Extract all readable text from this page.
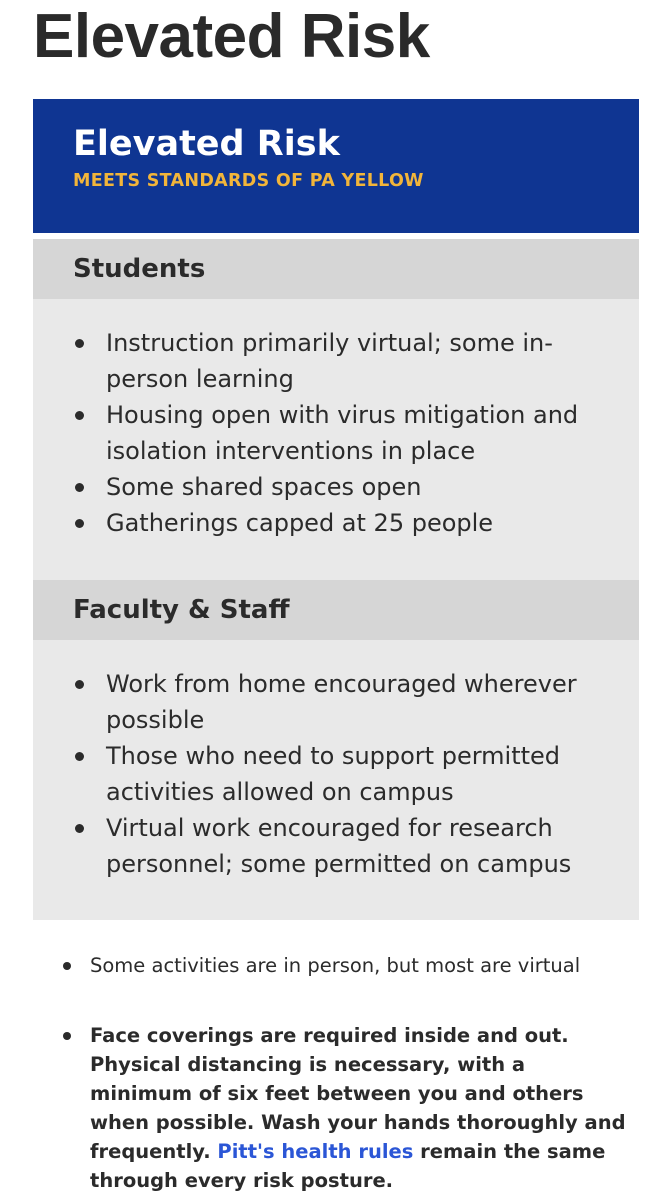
Elevated Risk
Elevated Risk
MEETS STANDARDS OF PA YELLOW
Students
Instruction primarily virtual; some in-person learning
Housing open with virus mitigation and isolation interventions in place
Some shared spaces open
Gatherings capped at 25 people
Faculty & Staff
Work from home encouraged wherever possible
Those who need to support permitted activities allowed on campus
Virtual work encouraged for research personnel; some permitted on campus
Some activities are in person, but most are virtual
Face coverings are required inside and out. Physical distancing is necessary, with a minimum of six feet between you and others when possible. Wash your hands thoroughly and frequently. Pitt's health rules remain the same through every risk posture.
